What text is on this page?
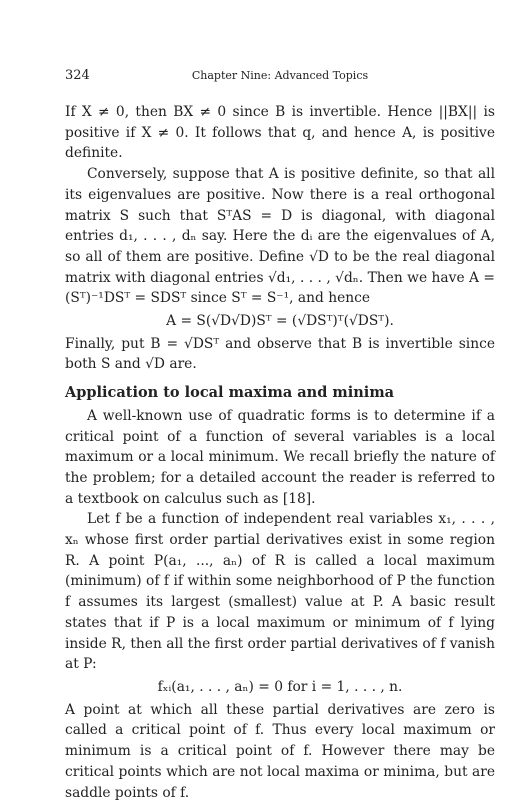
324	Chapter Nine: Advanced Topics

If X ≠ 0, then BX ≠ 0 since B is invertible. Hence ||BX|| is positive if X ≠ 0. It follows that q, and hence A, is positive definite.

Conversely, suppose that A is positive definite, so that all its eigenvalues are positive. Now there is a real orthogonal matrix S such that SᵀAS = D is diagonal, with diagonal entries d₁, . . . , dₙ say. Here the dᵢ are the eigenvalues of A, so all of them are positive. Define √D to be the real diagonal matrix with diagonal entries √d₁, . . . , √dₙ. Then we have A = (Sᵀ)⁻¹DSᵀ = SDSᵀ since Sᵀ = S⁻¹, and hence

A = S(√D√D)Sᵀ = (√DSᵀ)ᵀ(√DSᵀ).

Finally, put B = √DSᵀ and observe that B is invertible since both S and √D are.

Application to local maxima and minima

A well-known use of quadratic forms is to determine if a critical point of a function of several variables is a local maximum or a local minimum. We recall briefly the nature of the problem; for a detailed account the reader is referred to a textbook on calculus such as [18].

Let f be a function of independent real variables x₁, . . . , xₙ whose first order partial derivatives exist in some region R. A point P(a₁, ..., aₙ) of R is called a local maximum (minimum) of f if within some neighborhood of P the function f assumes its largest (smallest) value at P. A basic result states that if P is a local maximum or minimum of f lying inside R, then all the first order partial derivatives of f vanish at P:

fₓᵢ(a₁, . . . , aₙ) = 0 for i = 1, . . . , n.

A point at which all these partial derivatives are zero is called a critical point of f. Thus every local maximum or minimum is a critical point of f. However there may be critical points which are not local maxima or minima, but are saddle points of f.
